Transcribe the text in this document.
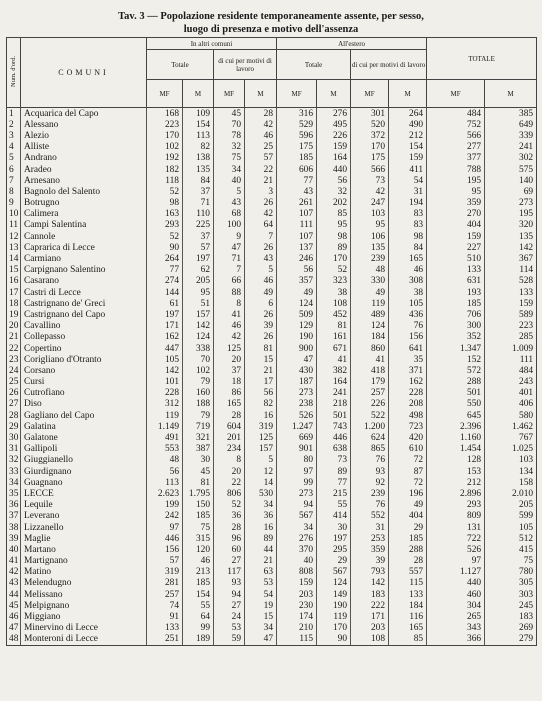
Tav. 3 — Popolazione residente temporaneamente assente, per sesso,
luogo di presenza e motivo dell'assenza
Num. d'ord.	COMUNI	In altri comuni				All'estero				TOTALE	
		Totale		di cui per motivi di lavoro		Totale		di cui per motivi di lavoro			
		MF	M	MF	M	MF	M	MF	M	MF	M
1	Acquarica del Capo	168	109	45	28	316	276	301	264	484	385
2	Alessano	223	154	70	42	529	495	520	490	752	649
3	Alezio	170	113	78	46	596	226	372	212	566	339
4	Alliste	102	82	32	25	175	159	170	154	277	241
5	Andrano	192	138	75	57	185	164	175	159	377	302
6	Aradeo	182	135	34	22	606	440	566	411	788	575
7	Arnesano	118	84	40	21	77	56	73	54	195	140
8	Bagnolo del Salento	52	37	5	3	43	32	42	31	95	69
9	Botrugno	98	71	43	26	261	202	247	194	359	273
10	Calimera	163	110	68	42	107	85	103	83	270	195
11	Campi Salentina	293	225	100	64	111	95	95	83	404	320
12	Cannole	52	37	9	7	107	98	106	98	159	135
13	Caprarica di Lecce	90	57	47	26	137	89	135	84	227	142
14	Carmiano	264	197	71	43	246	170	239	165	510	367
15	Carpignano Salentino	77	62	7	5	56	52	48	46	133	114
16	Casarano	274	205	66	46	357	323	330	308	631	528
17	Castri di Lecce	144	95	88	49	49	38	49	38	193	133
18	Castrignano de' Greci	61	51	8	6	124	108	119	105	185	159
19	Castrignano del Capo	197	157	41	26	509	452	489	436	706	589
20	Cavallino	171	142	46	39	129	81	124	76	300	223
21	Collepasso	162	124	42	26	190	161	184	156	352	285
22	Copertino	447	338	125	81	900	671	860	641	1.347	1.009
23	Corigliano d'Otranto	105	70	20	15	47	41	41	35	152	111
24	Corsano	142	102	37	21	430	382	418	371	572	484
25	Cursi	101	79	18	17	187	164	179	162	288	243
26	Cutrofiano	228	160	86	56	273	241	257	228	501	401
27	Diso	312	188	165	82	238	218	226	208	550	406
28	Gagliano del Capo	119	79	28	16	526	501	522	498	645	580
29	Galatina	1.149	719	604	319	1.247	743	1.200	723	2.396	1.462
30	Galatone	491	321	201	125	669	446	624	420	1.160	767
31	Gallipoli	553	387	234	157	901	638	865	610	1.454	1.025
32	Giuggianello	48	30	8	5	80	73	76	72	128	103
33	Giurdignano	56	45	20	12	97	89	93	87	153	134
34	Guagnano	113	81	22	14	99	77	92	72	212	158
35	LECCE	2.623	1.795	806	530	273	215	239	196	2.896	2.010
36	Lequile	199	150	52	34	94	55	76	49	293	205
37	Leverano	242	185	36	36	567	414	552	404	809	599
38	Lizzanello	97	75	28	16	34	30	31	29	131	105
39	Maglie	446	315	96	89	276	197	253	185	722	512
40	Martano	156	120	60	44	370	295	359	288	526	415
41	Martignano	57	46	27	21	40	29	39	28	97	75
42	Matino	319	213	117	63	808	567	793	557	1.127	780
43	Melendugno	281	185	93	53	159	124	142	115	440	305
44	Melissano	257	154	94	54	203	149	183	133	460	303
45	Melpignano	74	55	27	19	230	190	222	184	304	245
46	Miggiano	91	64	24	15	174	119	171	116	265	183
47	Minervino di Lecce	133	99	53	34	210	170	203	165	343	269
48	Monteroni di Lecce	251	189	59	47	115	90	108	85	366	279
